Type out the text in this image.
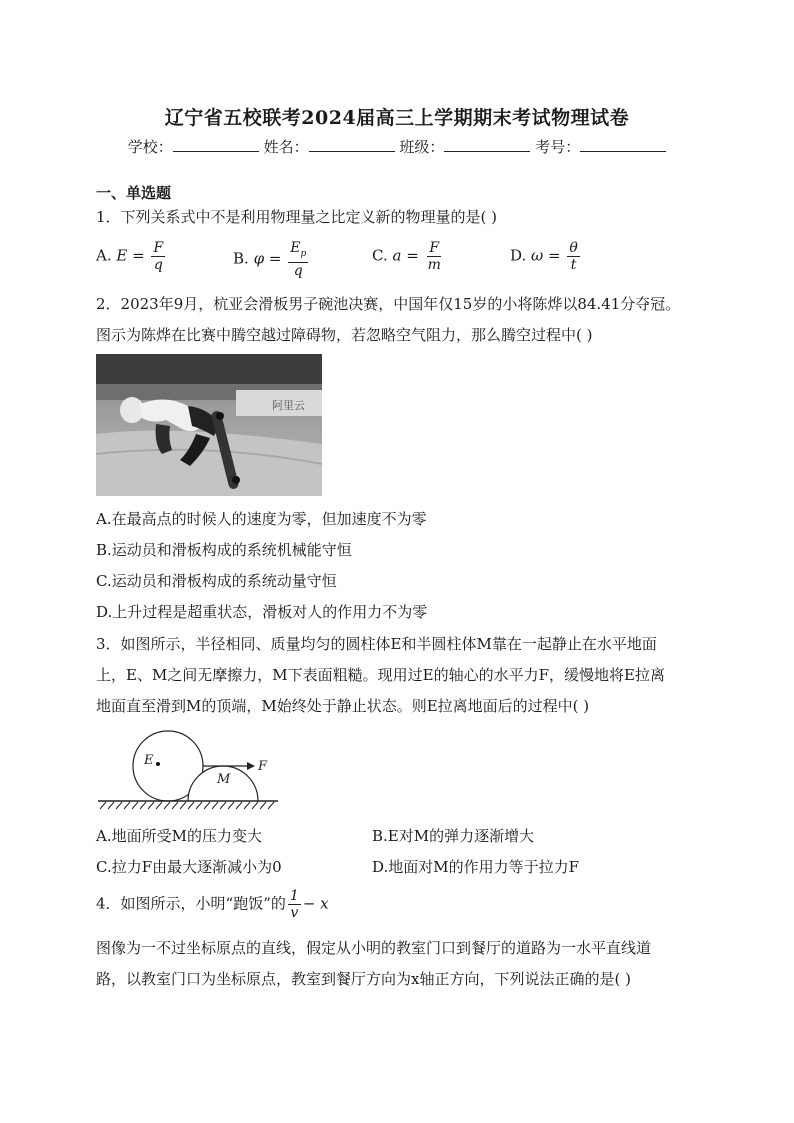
辽宁省五校联考2024届高三上学期期末考试物理试卷
学校：	姓名：	班级：	考号：
一、单选题
1．下列关系式中不是利用物理量之比定义新的物理量的是( )
A. $E = \frac{F}{q}$	B. $\varphi = \frac{E_p}{q}$	C. $a = \frac{F}{m}$	D. $\omega = \frac{\theta}{t}$
2．2023年9月，杭亚会滑板男子碗池决赛，中国年仅15岁的小将陈烨以84.41分夺冠。
图示为陈烨在比赛中腾空越过障碍物，若忽略空气阻力，那么腾空过程中( )
阿里云
A.在最高点的时候人的速度为零，但加速度不为零
B.运动员和滑板构成的系统机械能守恒
C.运动员和滑板构成的系统动量守恒
D.上升过程是超重状态，滑板对人的作用力不为零
3．如图所示，半径相同、质量均匀的圆柱体E和半圆柱体M靠在一起静止在水平地面
上，E、M之间无摩擦力，M下表面粗糙。现用过E的轴心的水平力F，缓慢地将E拉离
地面直至滑到M的顶端，M始终处于静止状态。则E拉离地面后的过程中( )
E
M
F
A.地面所受M的压力变大	B.E对M的弹力逐渐增大
C.拉力F由最大逐渐减小为0	D.地面对M的作用力等于拉力F
4．如图所示，小明“跑饭”的 $\frac{1}{v} - x$
图像为一不过坐标原点的直线，假定从小明的教室门口到餐厅的道路为一水平直线道
路，以教室门口为坐标原点，教室到餐厅方向为x轴正方向，下列说法正确的是( )
